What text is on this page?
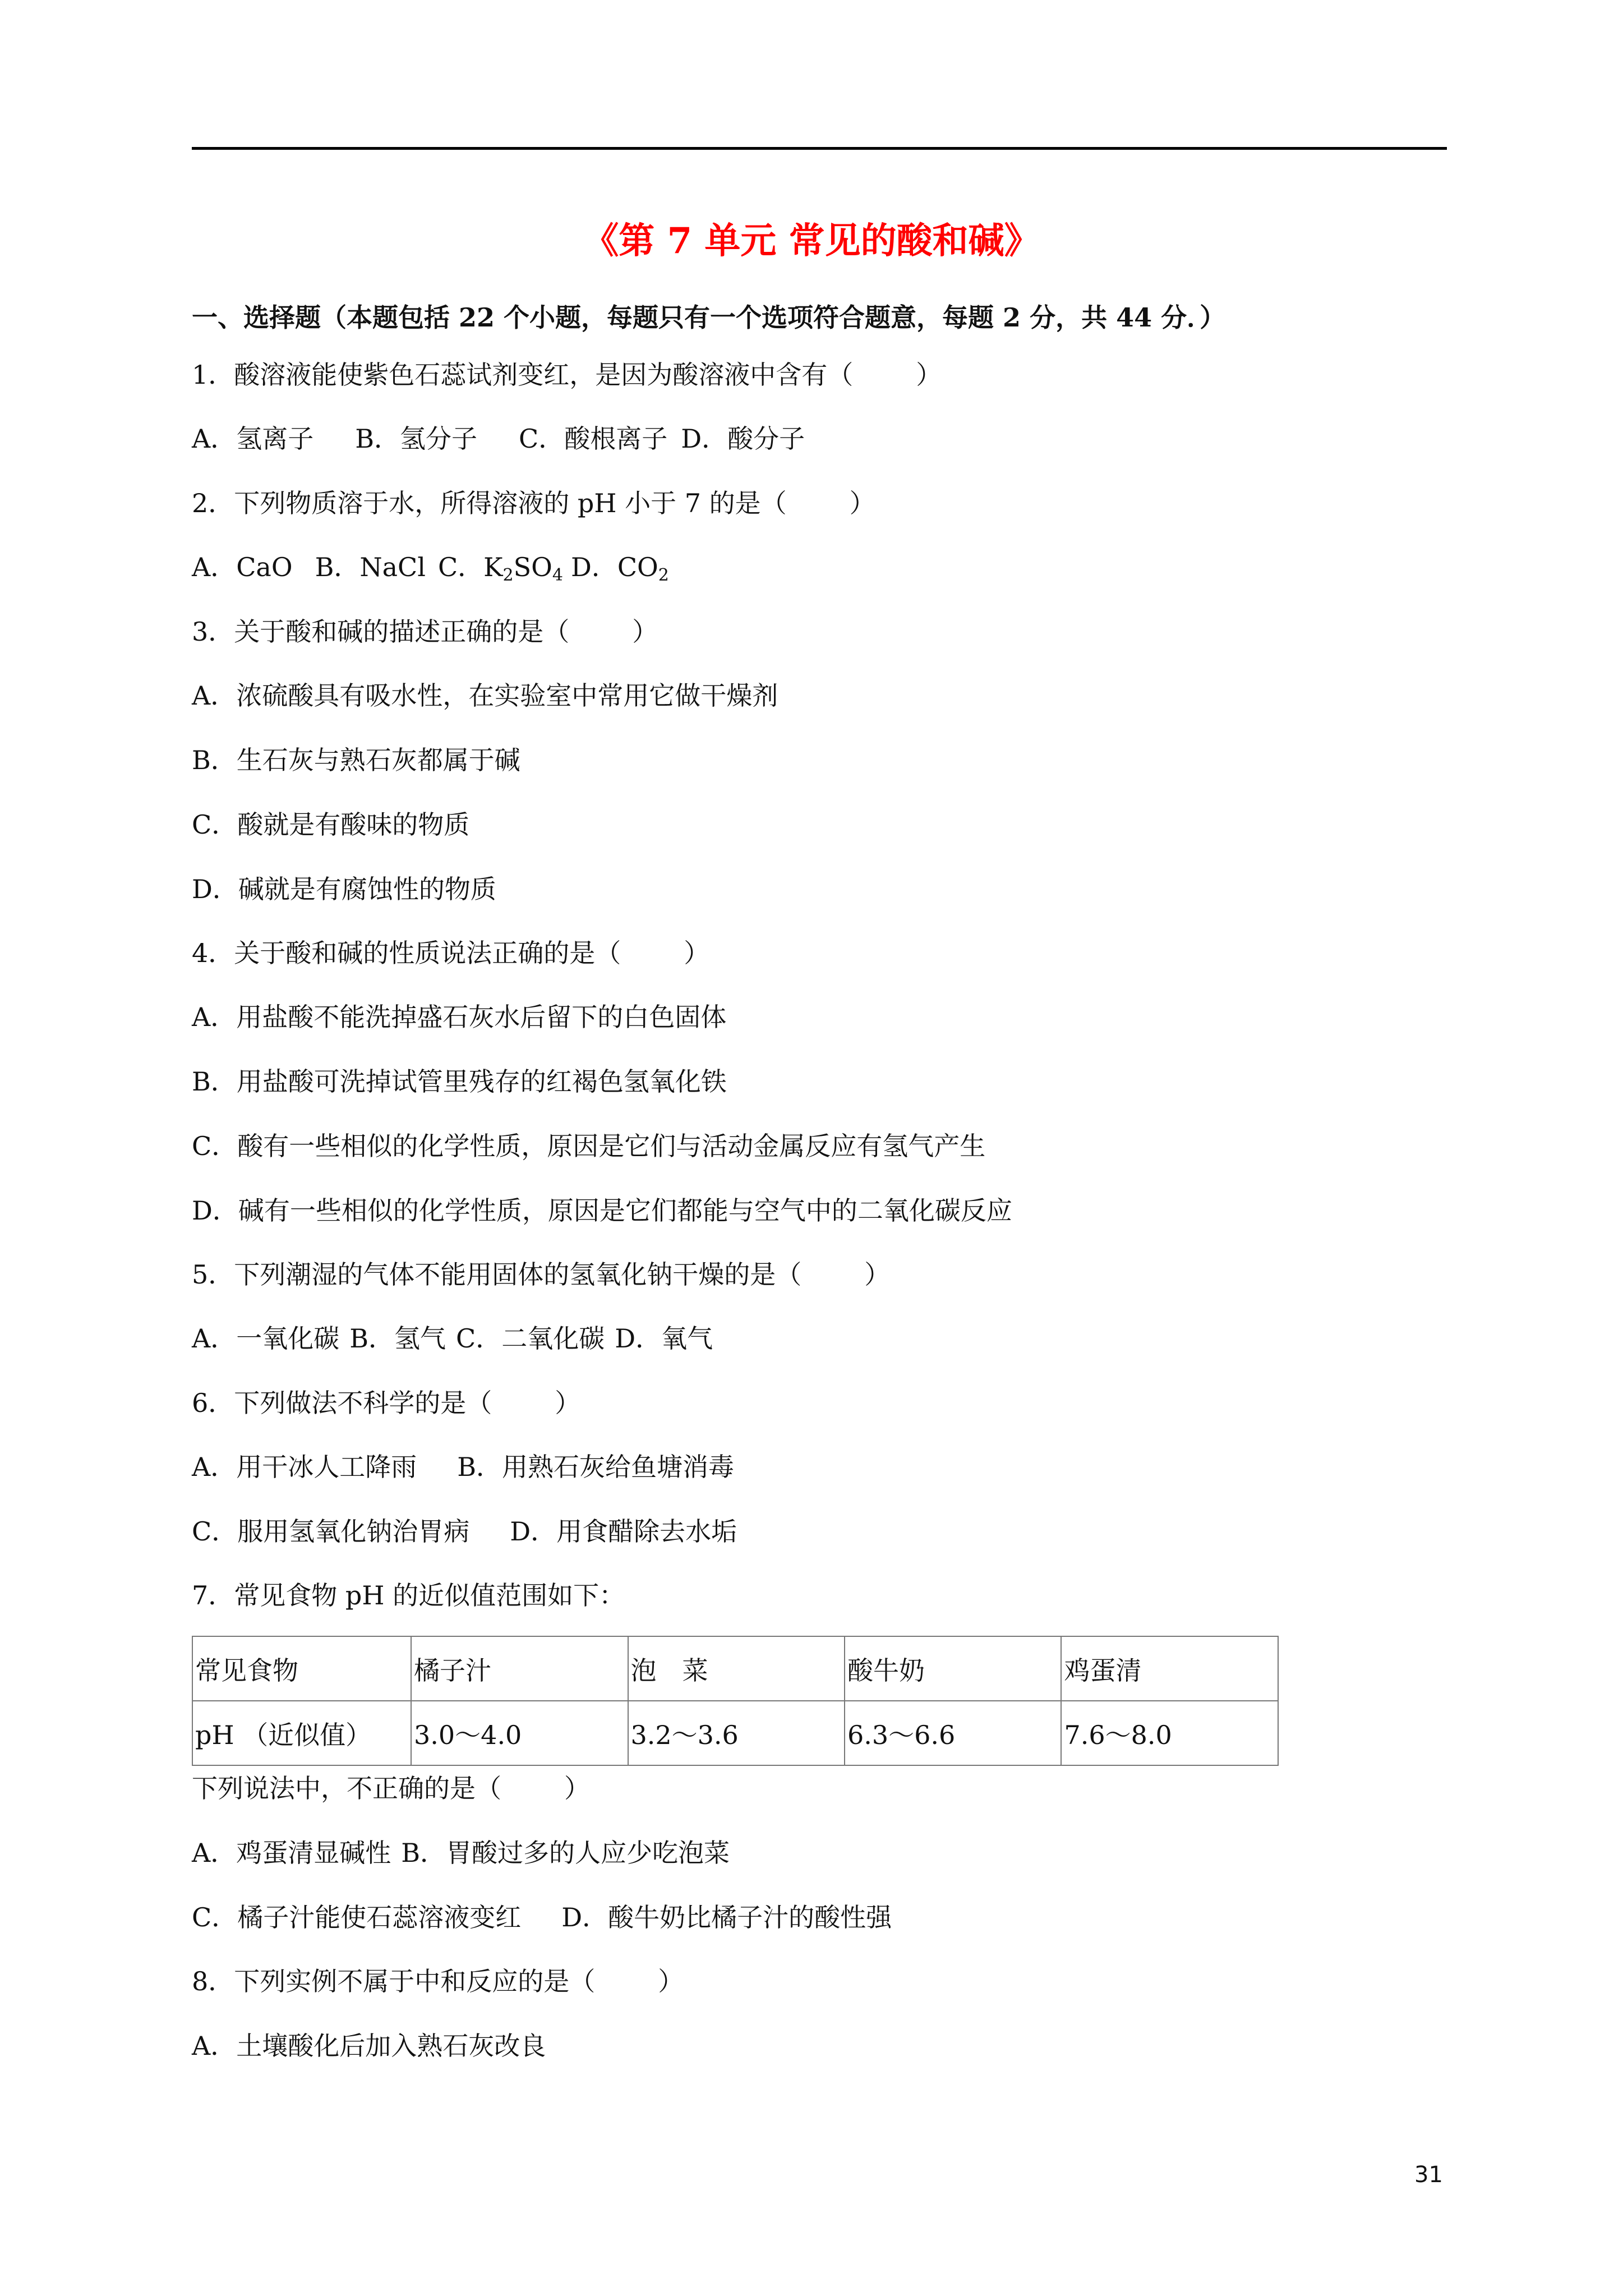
《第 7 单元 常见的酸和碱》
一、选择题（本题包括 22 个小题，每题只有一个选项符合题意，每题 2 分，共 44 分．）
1．酸溶液能使紫色石蕊试剂变红，是因为酸溶液中含有（ ）
A．氢离子 B．氢分子 C．酸根离子 D．酸分子
2．下列物质溶于水，所得溶液的 pH 小于 7 的是（ ）
A．CaO B．NaCl C．$K_2SO_4$ D．$CO_2$
3．关于酸和碱的描述正确的是（ ）
A．浓硫酸具有吸水性，在实验室中常用它做干燥剂
B．生石灰与熟石灰都属于碱
C．酸就是有酸味的物质
D．碱就是有腐蚀性的物质
4．关于酸和碱的性质说法正确的是（ ）
A．用盐酸不能洗掉盛石灰水后留下的白色固体
B．用盐酸可洗掉试管里残存的红褐色氢氧化铁
C．酸有一些相似的化学性质，原因是它们与活动金属反应有氢气产生
D．碱有一些相似的化学性质，原因是它们都能与空气中的二氧化碳反应
5．下列潮湿的气体不能用固体的氢氧化钠干燥的是（ ）
A．一氧化碳 B．氢气 C．二氧化碳 D．氧气
6．下列做法不科学的是（ ）
A．用干冰人工降雨 B．用熟石灰给鱼塘消毒
C．服用氢氧化钠治胃病 D．用食醋除去水垢
7．常见食物 pH 的近似值范围如下：
常见食物	橘子汁	泡　菜	酸牛奶	鸡蛋清
pH （近似值）	3.0～4.0	3.2～3.6	6.3～6.6	7.6～8.0
下列说法中，不正确的是（ ）
A．鸡蛋清显碱性 B．胃酸过多的人应少吃泡菜
C．橘子汁能使石蕊溶液变红 D．酸牛奶比橘子汁的酸性强
8．下列实例不属于中和反应的是（ ）
A．土壤酸化后加入熟石灰改良
31
